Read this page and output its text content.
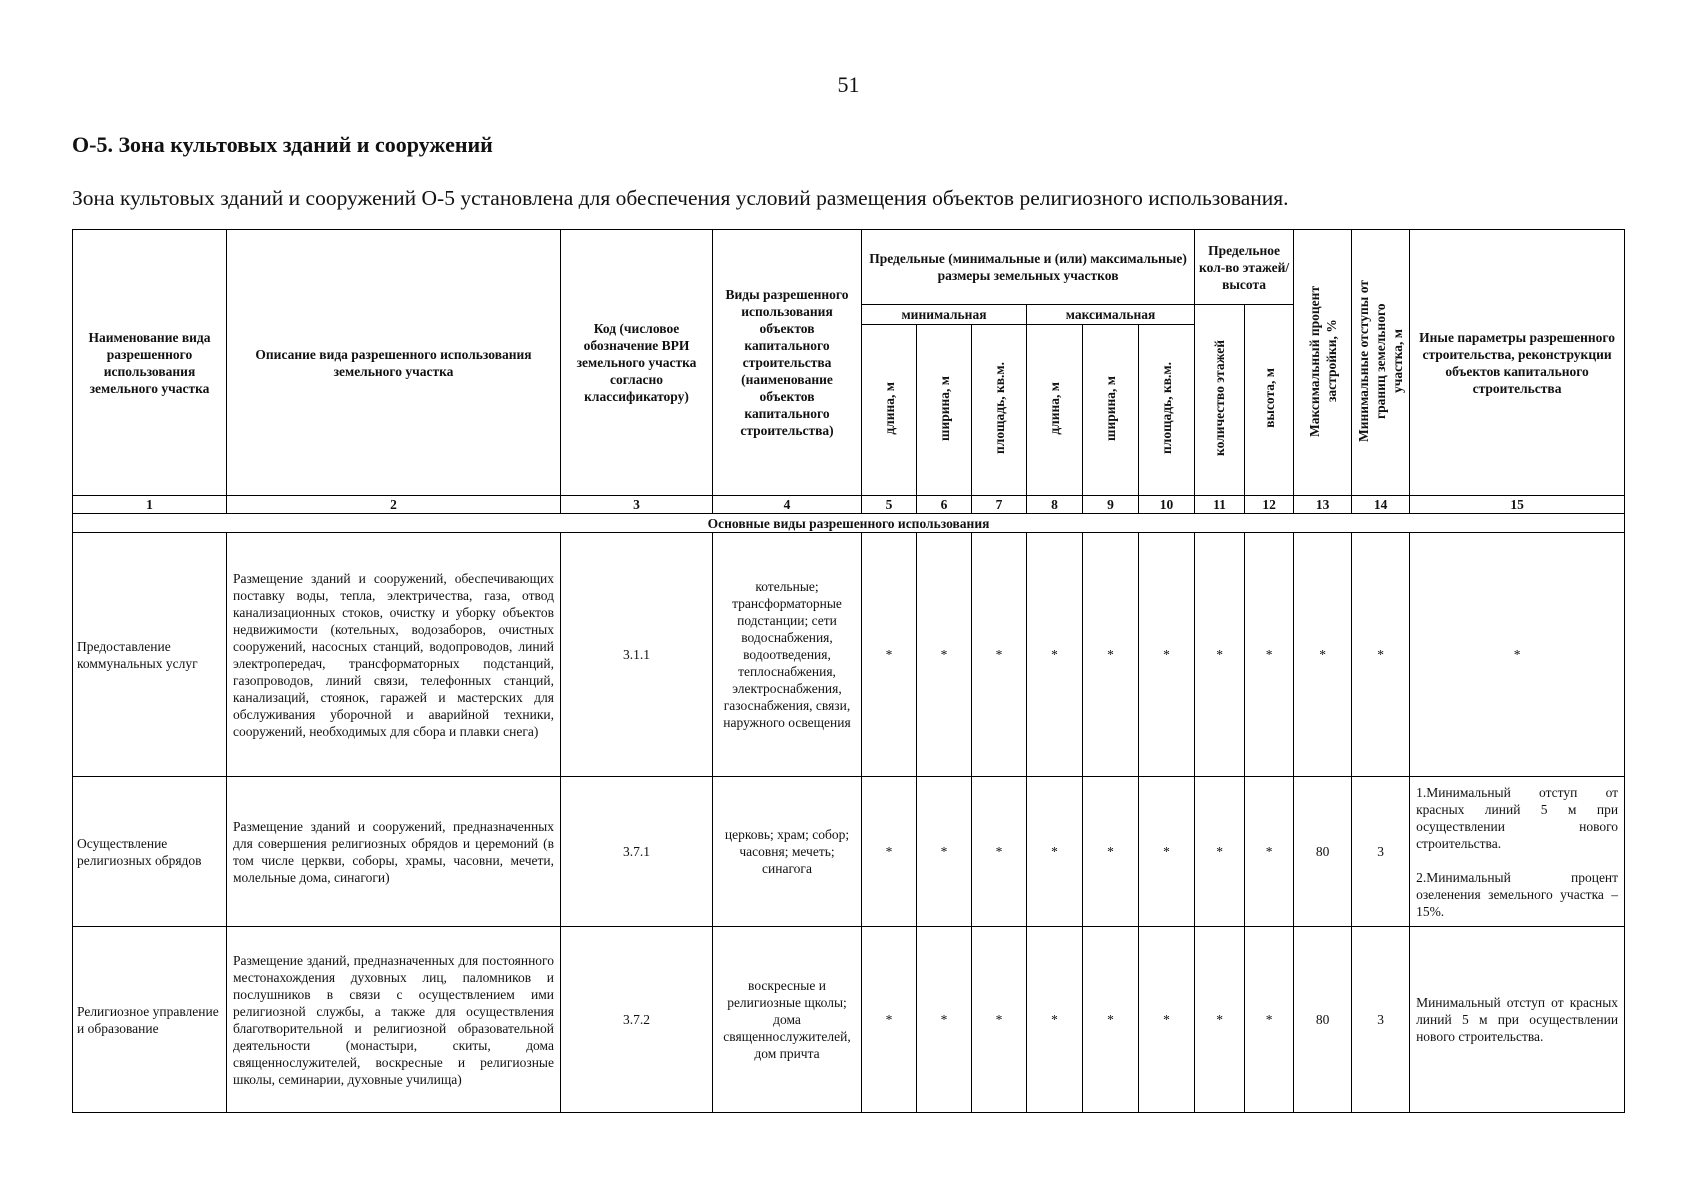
51
О-5. Зона культовых зданий и сооружений

Зона культовых зданий и сооружений О-5 установлена для обеспечения условий размещения объектов религиозного использования.

Наименование вида разрешенного использования земельного участка	Описание вида разрешенного использования земельного участка	Код (числовое обозначение ВРИ земельного участка согласно классификатору)	Виды разрешенного использования объектов капитального строительства (наименование объектов капитального строительства)	Предельные (минимальные и (или) максимальные) размеры земельных участков						Предельное кол-во этажей/ высота		Максимальный процент застройки, %	Минимальные отступы от границ земельного участка, м	Иные параметры разрешенного строительства, реконструкции объектов капитального строительства
				минимальная			максимальная			количество этажей	высота, м			
				длина, м	ширина, м	площадь, кв.м.	длина, м	ширина, м	площадь, кв.м.					
1	2	3	4	5	6	7	8	9	10	11	12	13	14	15
Основные виды разрешенного использования														
Предоставление коммунальных услуг	Размещение зданий и сооружений, обеспечивающих поставку воды, тепла, электричества, газа, отвод канализационных стоков, очистку и уборку объектов недвижимости (котельных, водозаборов, очистных сооружений, насосных станций, водопроводов, линий электропередач, трансформаторных подстанций, газопроводов, линий связи, телефонных станций, канализаций, стоянок, гаражей и мастерских для обслуживания уборочной и аварийной техники, сооружений, необходимых для сбора и плавки снега)	3.1.1	котельные; трансформаторные подстанции; сети водоснабжения, водоотведения, теплоснабжения, электроснабжения, газоснабжения, связи, наружного освещения	*	*	*	*	*	*	*	*	*	*	*
Осуществление религиозных обрядов	Размещение зданий и сооружений, предназначенных для совершения религиозных обрядов и церемоний (в том числе церкви, соборы, храмы, часовни, мечети, молельные дома, синагоги)	3.7.1	церковь; храм; собор; часовня; мечеть; синагога	*	*	*	*	*	*	*	*	80	3	1.Минимальный отступ от красных линий 5 м при осуществлении нового строительства.
2.Минимальный процент озеленения земельного участка – 15%.

Религиозное управление и образование	Размещение зданий, предназначенных для постоянного местонахождения духовных лиц, паломников и послушников в связи с осуществлением ими религиозной службы, а также для осуществления благотворительной и религиозной образовательной деятельности (монастыри, скиты, дома священнослужителей, воскресные и религиозные школы, семинарии, духовные училища)	3.7.2	воскресные и религиозные щколы; дома священнослужителей, дом причта	*	*	*	*	*	*	*	*	80	3	Минимальный отступ от красных линий 5 м при осуществлении нового строительства.
